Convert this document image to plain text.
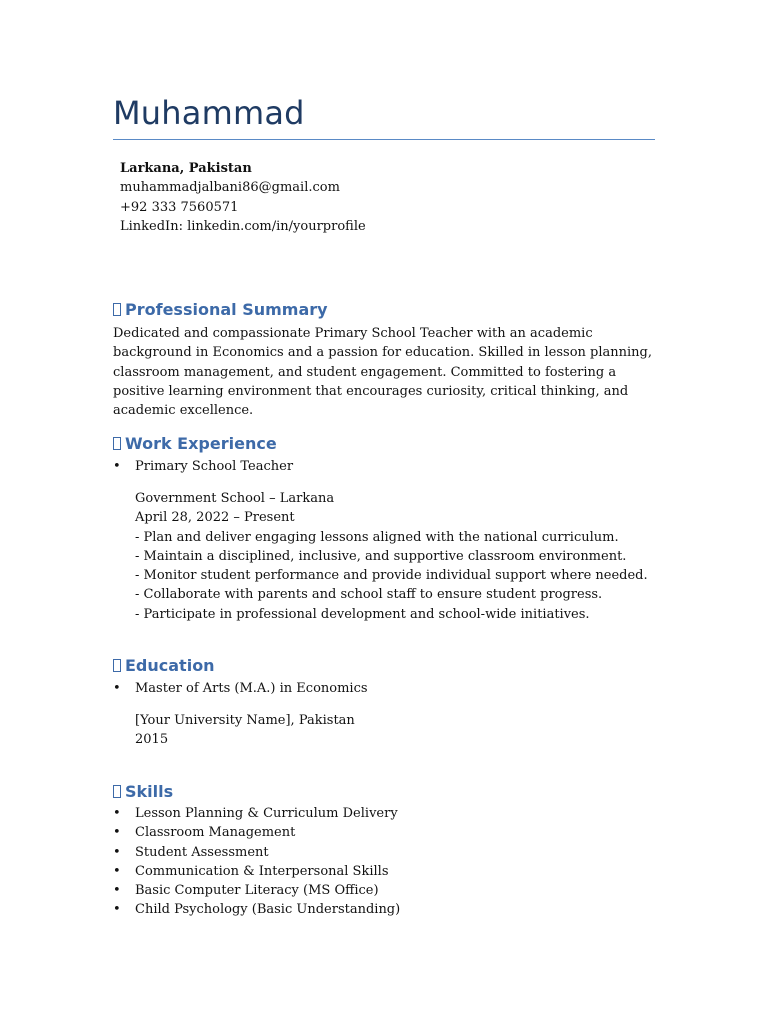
Muhammad
Larkana, Pakistan
muhammadjalbani86@gmail.com
+92 333 7560571
LinkedIn: linkedin.com/in/yourprofile
Professional Summary
Dedicated and compassionate Primary School Teacher with an academic background in Economics and a passion for education. Skilled in lesson planning, classroom management, and student engagement. Committed to fostering a positive learning environment that encourages curiosity, critical thinking, and academic excellence.
Work Experience
•	Primary School Teacher
Government School – Larkana
April 28, 2022 – Present
- Plan and deliver engaging lessons aligned with the national curriculum.
- Maintain a disciplined, inclusive, and supportive classroom environment.
- Monitor student performance and provide individual support where needed.
- Collaborate with parents and school staff to ensure student progress.
- Participate in professional development and school-wide initiatives.
Education
•	Master of Arts (M.A.) in Economics
[Your University Name], Pakistan
2015
Skills
• Lesson Planning & Curriculum Delivery
• Classroom Management
• Student Assessment
• Communication & Interpersonal Skills
• Basic Computer Literacy (MS Office)
• Child Psychology (Basic Understanding)
